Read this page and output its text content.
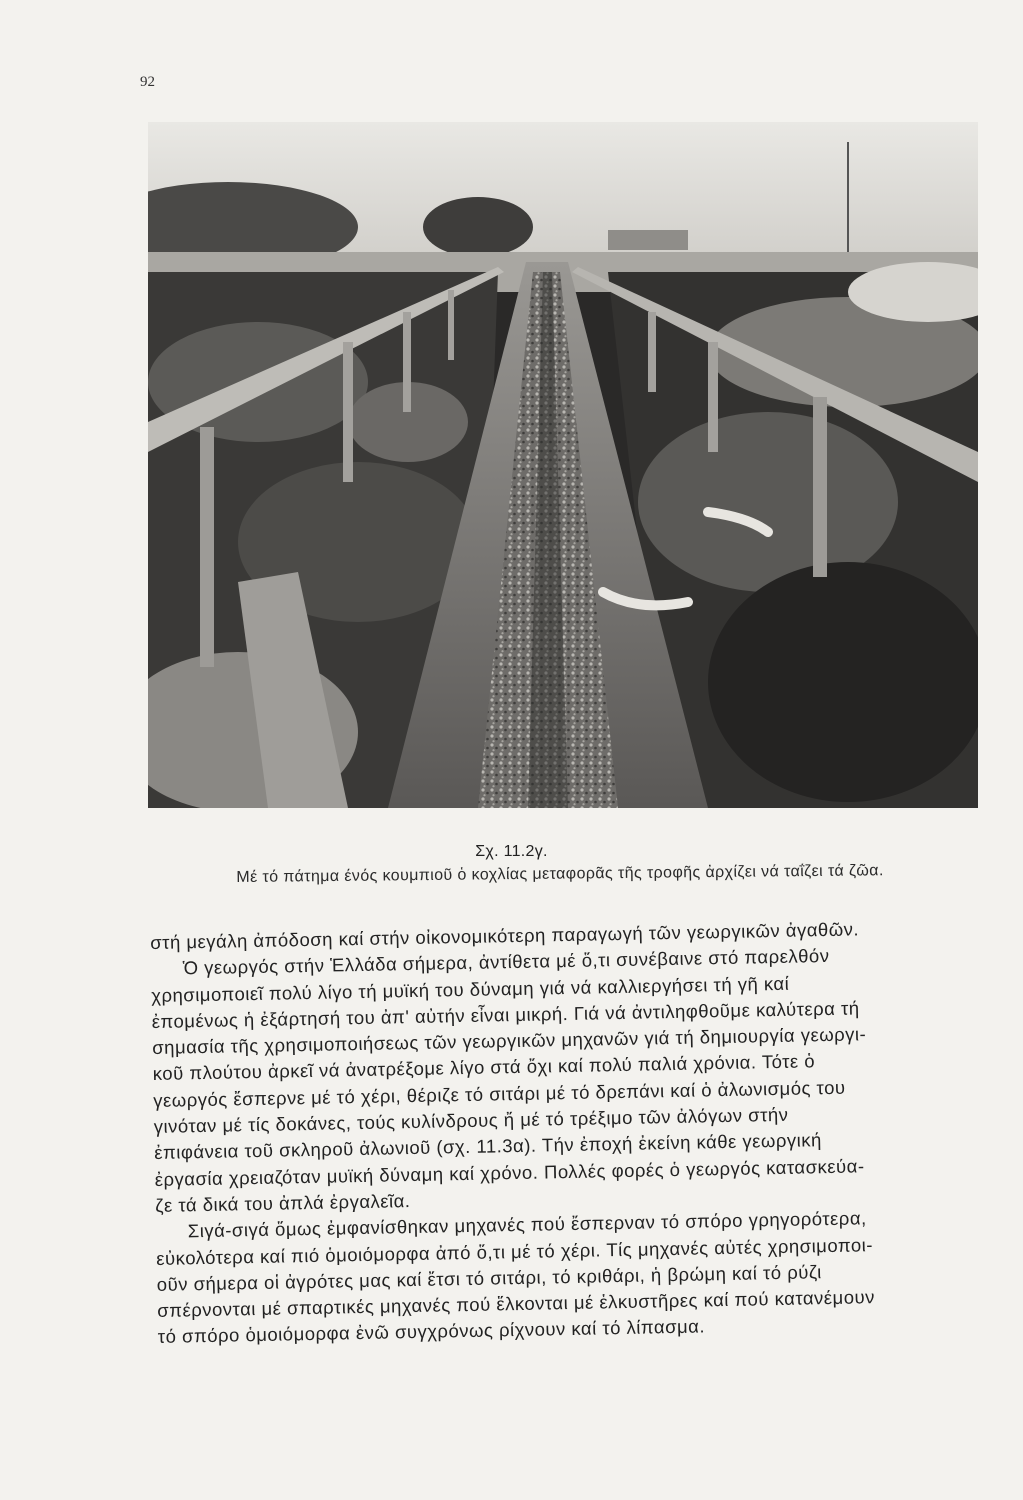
92
Σχ. 11.2γ.
Μέ τό πάτημα ένός κουμπιοῦ ὁ κοχλίας μεταφορᾶς τῆς τροφῆς ἀρχίζει νά ταΐζει τά ζῶα.
στή μεγάλη ἀπόδοση καί στήν οἰκονομικότερη παραγωγή τῶν γεωργικῶν ἀγαθῶν.
Ὁ γεωργός στήν Ἑλλάδα σήμερα, ἀντίθετα μέ ὅ,τι συνέβαινε στό παρελθόν
χρησιμοποιεῖ πολύ λίγο τή μυϊκή του δύναμη γιά νά καλλιεργήσει τή γῆ καί
ἐπομένως ἡ ἐξάρτησή του ἀπ' αὐτήν εἶναι μικρή. Γιά νά ἀντιληφθοῦμε καλύτερα τή
σημασία τῆς χρησιμοποιήσεως τῶν γεωργικῶν μηχανῶν γιά τή δημιουργία γεωργι-
κοῦ πλούτου ἀρκεῖ νά ἀνατρέξομε λίγο στά ὄχι καί πολύ παλιά χρόνια. Τότε ὁ
γεωργός ἔσπερνε μέ τό χέρι, θέριζε τό σιτάρι μέ τό δρεπάνι καί ὁ ἀλωνισμός του
γινόταν μέ τίς δοκάνες, τούς κυλίνδρους ἤ μέ τό τρέξιμο τῶν ἀλόγων στήν
ἐπιφάνεια τοῦ σκληροῦ ἀλωνιοῦ (σχ. 11.3α). Τήν ἐποχή ἐκείνη κάθε γεωργική
ἐργασία χρειαζόταν μυϊκή δύναμη καί χρόνο. Πολλές φορές ὁ γεωργός κατασκεύα-
ζε τά δικά του ἀπλά ἐργαλεῖα.
Σιγά-σιγά ὅμως ἐμφανίσθηκαν μηχανές πού ἔσπερναν τό σπόρο γρηγορότερα,
εὐκολότερα καί πιό ὁμοιόμορφα ἀπό ὅ,τι μέ τό χέρι. Τίς μηχανές αὐτές χρησιμοποι-
οῦν σήμερα οἱ ἀγρότες μας καί ἔτσι τό σιτάρι, τό κριθάρι, ἡ βρώμη καί τό ρύζι
σπέρνονται μέ σπαρτικές μηχανές πού ἕλκονται μέ ἑλκυστῆρες καί πού κατανέμουν
τό σπόρο ὁμοιόμορφα ἐνῶ συγχρόνως ρίχνουν καί τό λίπασμα.
